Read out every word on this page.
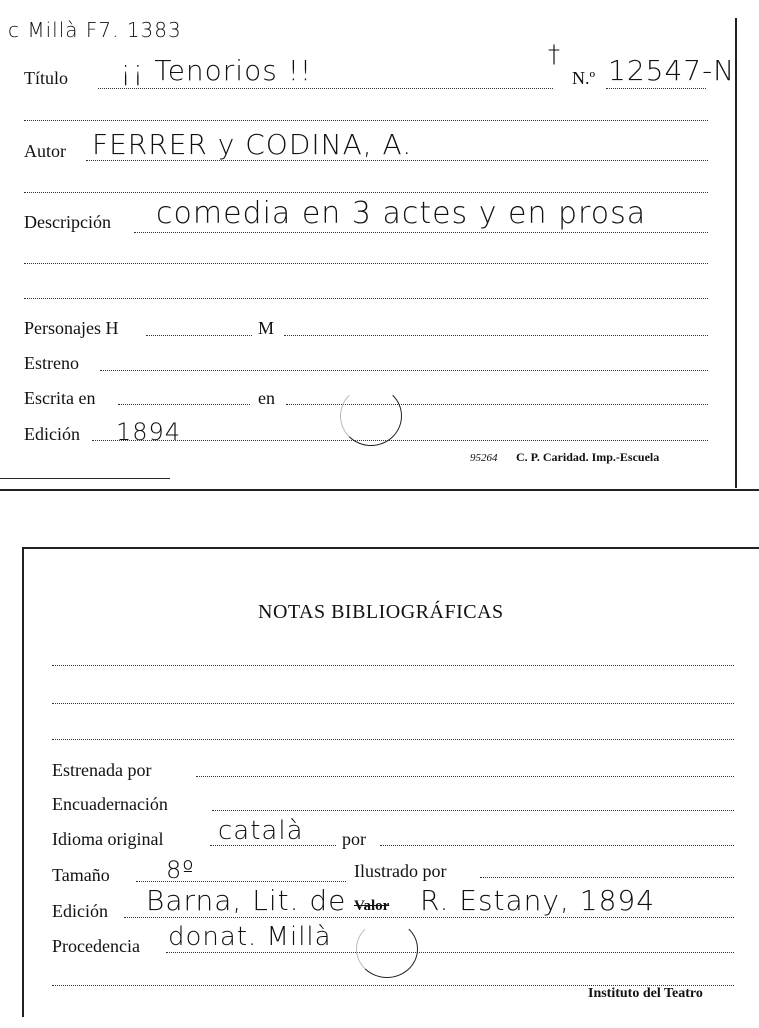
c Millà F7. 1383
Título ¡¡ Tenorios !!	†
N.º 12547-N
Autor FERRER y CODINA, A.
Descripción comedia en 3 actes y en prosa
Personajes H	M
Estreno
Escrita en	en
Edición 1894
95264 C. P. Caridad. Imp.-Escuela
NOTAS BIBLIOGRÁFICAS
Estrenada por
Encuadernación
Idioma original català por
Tamaño 8º	Ilustrado por
Edición Barna, Lit. de Valor R. Estany, 1894
Procedencia donat. Millà
Instituto del Teatro
